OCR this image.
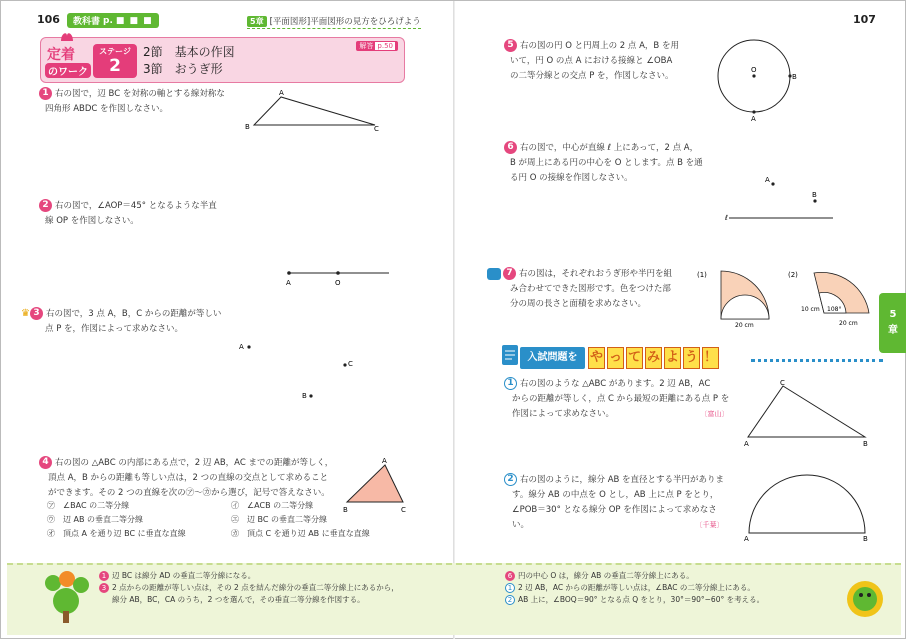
106	107
教科書 p. ■ ■ ■	5章 [平面図形]平面図形の見方をひろげよう
定着
のワーク
ステージ
2
2節　基本の作図
3節　おうぎ形
解答 p.50
1 右の図で，辺 BC を対称の軸とする線対称な
四角形 ABDC を作図しなさい。
A
B	C
2 右の図で，∠AOP＝45° となるような半直
線 OP を作図しなさい。
A	O
♛ 3 右の図で，3 点 A，B，C からの距離が等しい
点 P を，作図によって求めなさい。
A
C
B
4 右の図の △ABC の内部にある点で，2 辺 AB，AC までの距離が等しく，
頂点 A，B からの距離も等しい点は，2 つの直線の交点として求めること
ができます。その 2 つの直線を次の㋐〜㋕から選び，記号で答えなさい。
㋐　∠BAC の二等分線	㋑　∠ACB の二等分線
㋒　辺 AB の垂直二等分線	㋓　辺 BC の垂直二等分線
㋔　頂点 A を通り辺 BC に垂直な直線	㋕　頂点 C を通り辺 AB に垂直な直線
A
B	C
5 右の図の円 O と円周上の 2 点 A，B を用
いて，円 O の点 A における接線と ∠OBA
の二等分線との交点 P を，作図しなさい。
O
B
A
6 右の図で，中心が直線 ℓ 上にあって，2 点 A，
B が周上にある円の中心を O とします。点 B を通
る円 O の接線を作図しなさい。	A
B
ℓ
7 右の図は，それぞれおうぎ形や半円を組
み合わせてできた図形です。色をつけた部
分の周の長さと面積を求めなさい。
(1)
20 cm
(2)
10 cm 108°
20 cm
入試問題を や っ て み よ う ！
1 右の図のような △ABC があります。2 辺 AB，AC
からの距離が等しく，点 C から最短の距離にある点 P を
作図によって求めなさい。	〔富山〕
C
A	B
2 右の図のように，線分 AB を直径とする半円がありま
す。線分 AB の中点を O とし，AB 上に点 P をとり，
∠POB＝30° となる線分 OP を作図によって求めなさ
い。	〔千葉〕
A	B
5
章
1 辺 BC は線分 AD の垂直二等分線になる。
3 2 点からの距離が等しい点は，その 2 点を結んだ線分の垂直二等分線上にあるから，
線分 AB，BC，CA のうち，2 つを選んで，その垂直二等分線を作図する。
6 円の中心 O は，線分 AB の垂直二等分線上にある。
1 2 辺 AB，AC からの距離が等しい点は，∠BAC の二等分線上にある。
2 AB 上に，∠BOQ＝90° となる点 Q をとり，30°＝90°−60° を考える。
